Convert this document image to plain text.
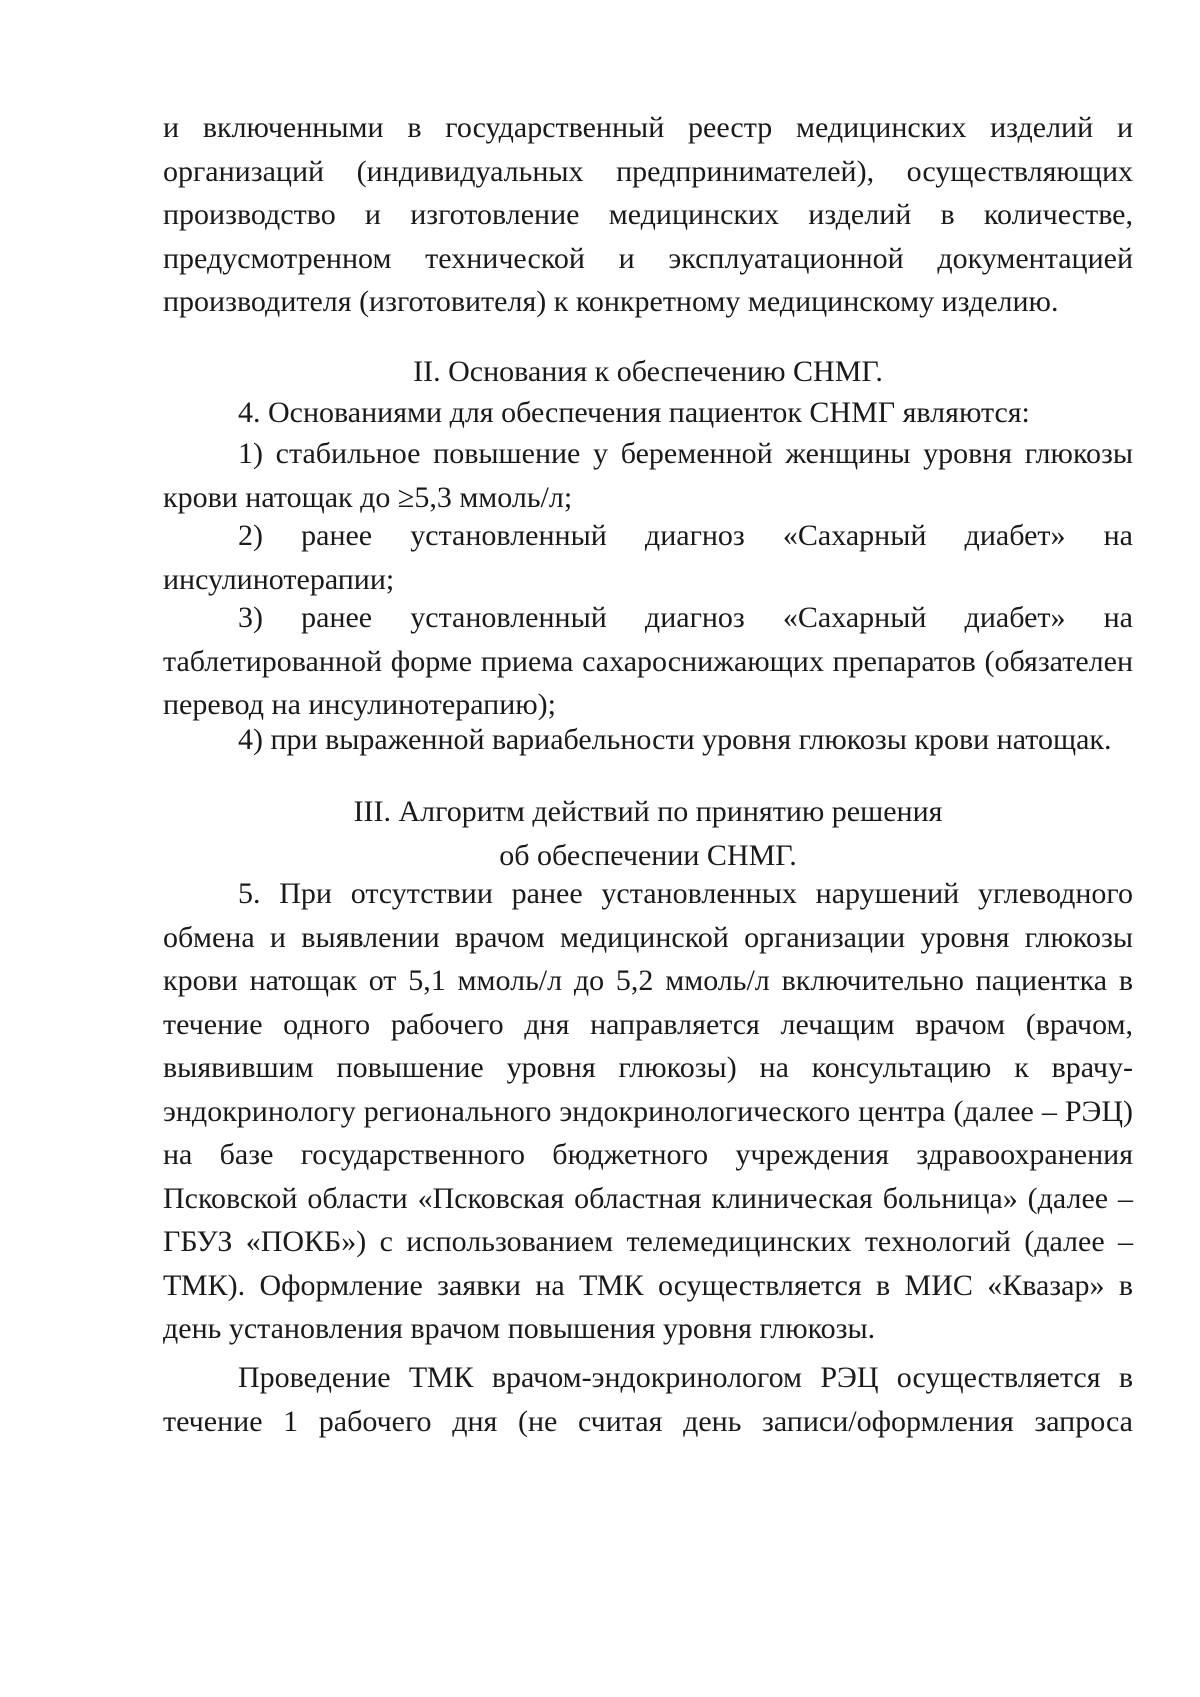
и включенными в государственный реестр медицинских изделий и организаций (индивидуальных предпринимателей), осуществляющих производство и изготовление медицинских изделий в количестве, предусмотренном технической и эксплуатационной документацией производителя (изготовителя) к конкретному медицинскому изделию.

II. Основания к обеспечению СНМГ.

4. Основаниями для обеспечения пациенток СНМГ являются:

1) стабильное повышение у беременной женщины уровня глюкозы крови натощак до ≥5,3 ммоль/л;

2) ранее установленный диагноз «Сахарный диабет» на инсулинотерапии;

3) ранее установленный диагноз «Сахарный диабет» на таблетированной форме приема сахароснижающих препаратов (обязателен перевод на инсулинотерапию);

4) при выраженной вариабельности уровня глюкозы крови натощак.

III. Алгоритм действий по принятию решения
об обеспечении СНМГ.

5. При отсутствии ранее установленных нарушений углеводного обмена и выявлении врачом медицинской организации уровня глюкозы крови натощак от 5,1 ммоль/л до 5,2 ммоль/л включительно пациентка в течение одного рабочего дня направляется лечащим врачом (врачом, выявившим повышение уровня глюкозы) на консультацию к врачу-эндокринологу регионального эндокринологического центра (далее – РЭЦ) на базе государственного бюджетного учреждения здравоохранения Псковской области «Псковская областная клиническая больница» (далее – ГБУЗ «ПОКБ») с использованием телемедицинских технологий (далее – ТМК). Оформление заявки на ТМК осуществляется в МИС «Квазар» в день установления врачом повышения уровня глюкозы.

Проведение ТМК врачом-эндокринологом РЭЦ осуществляется в течение 1 рабочего дня (не считая день записи/оформления запроса
